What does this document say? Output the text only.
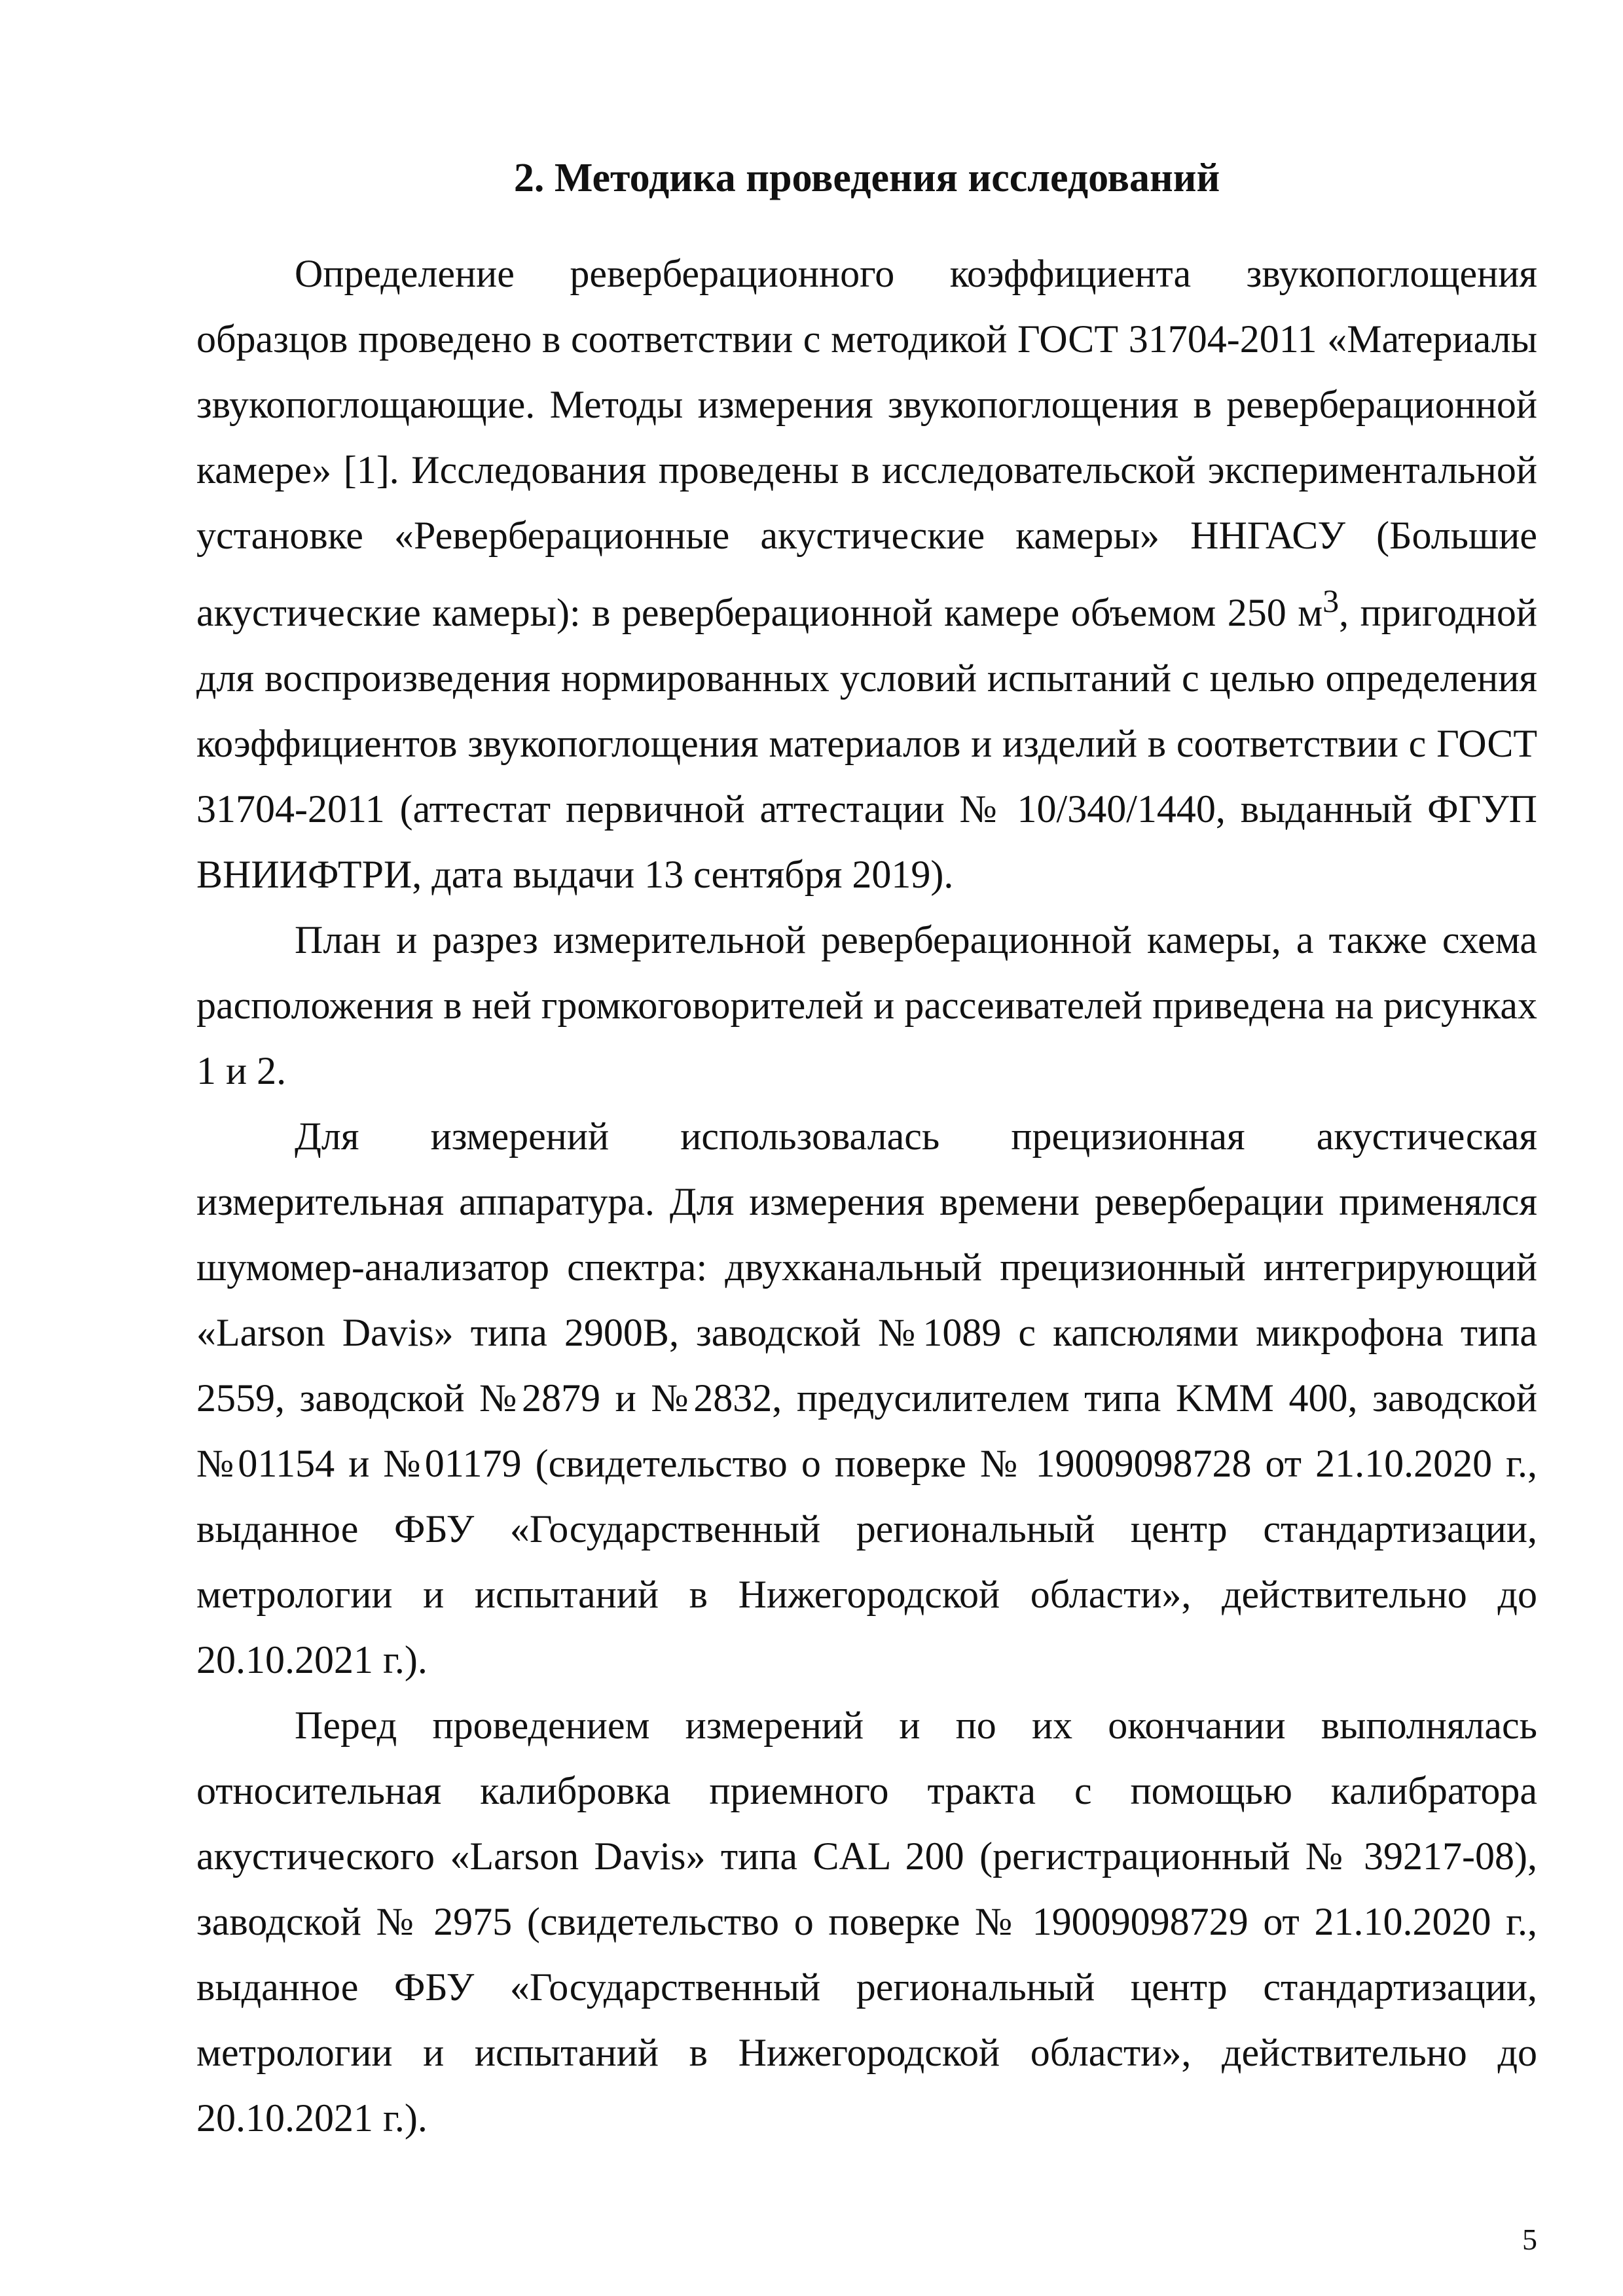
2. Методика проведения исследований

Определение реверберационного коэффициента звукопоглощения образцов проведено в соответствии с методикой ГОСТ 31704-2011 «Материалы звукопоглощающие. Методы измерения звукопоглощения в реверберационной камере» [1]. Исследования проведены в исследовательской экспериментальной установке «Реверберационные акустические камеры» ННГАСУ (Большие акустические камеры): в реверберационной камере объемом 250 $м^3$, пригодной для воспроизведения нормированных условий испытаний с целью определения коэффициентов звукопоглощения материалов и изделий в соответствии с ГОСТ 31704-2011 (аттестат первичной аттестации № 10/340/1440, выданный ФГУП ВНИИФТРИ, дата выдачи 13 сентября 2019).

План и разрез измерительной реверберационной камеры, а также схема расположения в ней громкоговорителей и рассеивателей приведена на рисунках 1 и 2.

Для измерений использовалась прецизионная акустическая измерительная аппаратура. Для измерения времени реверберации применялся шумомер-анализатор спектра: двухканальный прецизионный интегрирующий «Larson Davis» типа 2900B, заводской №1089 с капсюлями микрофона типа 2559, заводской №2879 и №2832, предусилителем типа KMM 400, заводской №01154 и №01179 (свидетельство о поверке № 19009098728 от 21.10.2020 г., выданное ФБУ «Государственный региональный центр стандартизации, метрологии и испытаний в Нижегородской области», действительно до 20.10.2021 г.).

Перед проведением измерений и по их окончании выполнялась относительная калибровка приемного тракта с помощью калибратора акустического «Larson Davis» типа CAL 200 (регистрационный № 39217-08), заводской № 2975 (свидетельство о поверке № 19009098729 от 21.10.2020 г., выданное ФБУ «Государственный региональный центр стандартизации, метрологии и испытаний в Нижегородской области», действительно до 20.10.2021 г.).

5
